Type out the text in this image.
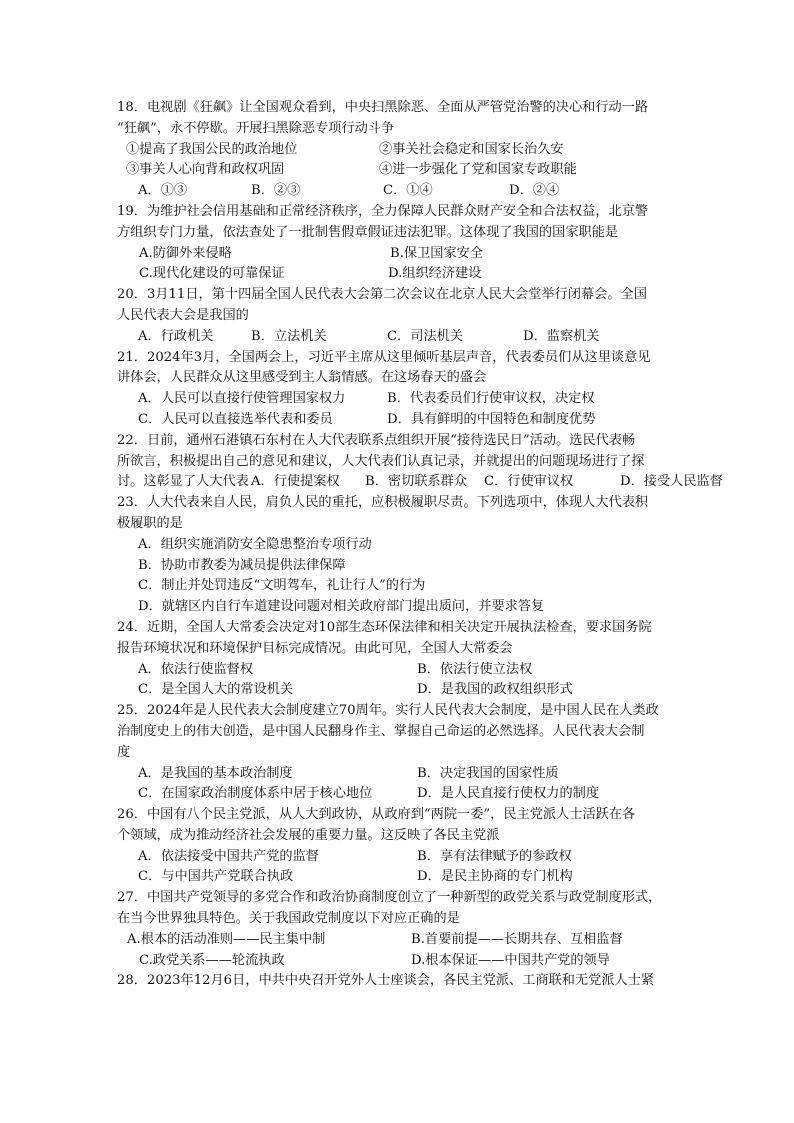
18．电视剧《狂飙》让全国观众看到，中央扫黑除恶、全面从严管党治警的决心和行动一路
“狂飙”，永不停歇。开展扫黑除恶专项行动斗争
①提高了我国公民的政治地位	②事关社会稳定和国家长治久安
③事关人心向背和政权巩固	④进一步强化了党和国家专政职能
A．①③	B．②③	C．①④	D．②④
19．为维护社会信用基础和正常经济秩序，全力保障人民群众财产安全和合法权益，北京警
方组织专门力量，依法查处了一批制售假章假证违法犯罪。这体现了我国的国家职能是
A.防御外来侵略	B.保卫国家安全
C.现代化建设的可靠保证	D.组织经济建设
20．3月11日，第十四届全国人民代表大会第二次会议在北京人民大会堂举行闭幕会。全国
人民代表大会是我国的
A．行政机关	B．立法机关	C．司法机关	D．监察机关
21．2024年3月，全国两会上，习近平主席从这里倾听基层声音，代表委员们从这里谈意见
讲体会，人民群众从这里感受到主人翁情感。在这场春天的盛会
A．人民可以直接行使管理国家权力	B．代表委员们行使审议权，决定权
C．人民可以直接选举代表和委员	D．具有鲜明的中国特色和制度优势
22．日前，通州石港镇石东村在人大代表联系点组织开展“接待选民日”活动。选民代表畅
所欲言，积极提出自己的意见和建议，人大代表们认真记录，并就提出的问题现场进行了探
讨。这彰显了人大代表 A．行使提案权 B．密切联系群众 C．行使审议权	D．接受人民监督
23．人大代表来自人民，肩负人民的重托，应积极履职尽责。下列选项中，体现人大代表积
极履职的是
A．组织实施消防安全隐患整治专项行动
B．协助市教委为减员提供法律保障
C．制止并处罚违反“文明驾车，礼让行人”的行为
D．就辖区内自行车道建设问题对相关政府部门提出质问，并要求答复
24．近期，全国人大常委会决定对10部生态环保法律和相关决定开展执法检查，要求国务院
报告环境状况和环境保护目标完成情况。由此可见，全国人大常委会
A．依法行使监督权	B．依法行使立法权
C．是全国人大的常设机关	D．是我国的政权组织形式
25．2024年是人民代表大会制度建立70周年。实行人民代表大会制度，是中国人民在人类政
治制度史上的伟大创造，是中国人民翻身作主、掌握自己命运的必然选择。人民代表大会制
度
A．是我国的基本政治制度	B．决定我国的国家性质
C．在国家政治制度体系中居于核心地位	D．是人民直接行使权力的制度
26．中国有八个民主党派，从人大到政协，从政府到“两院一委”，民主党派人士活跃在各
个领域，成为推动经济社会发展的重要力量。这反映了各民主党派
A．依法接受中国共产党的监督	B．享有法律赋予的参政权
C．与中国共产党联合执政	D．是民主协商的专门机构
27．中国共产党领导的多党合作和政治协商制度创立了一种新型的政党关系与政党制度形式，
在当今世界独具特色。关于我国政党制度以下对应正确的是
A.根本的活动准则——民主集中制	B.首要前提——长期共存、互相监督
C.政党关系——轮流执政	D.根本保证——中国共产党的领导
28．2023年12月6日，中共中央召开党外人士座谈会，各民主党派、工商联和无党派人士紧
